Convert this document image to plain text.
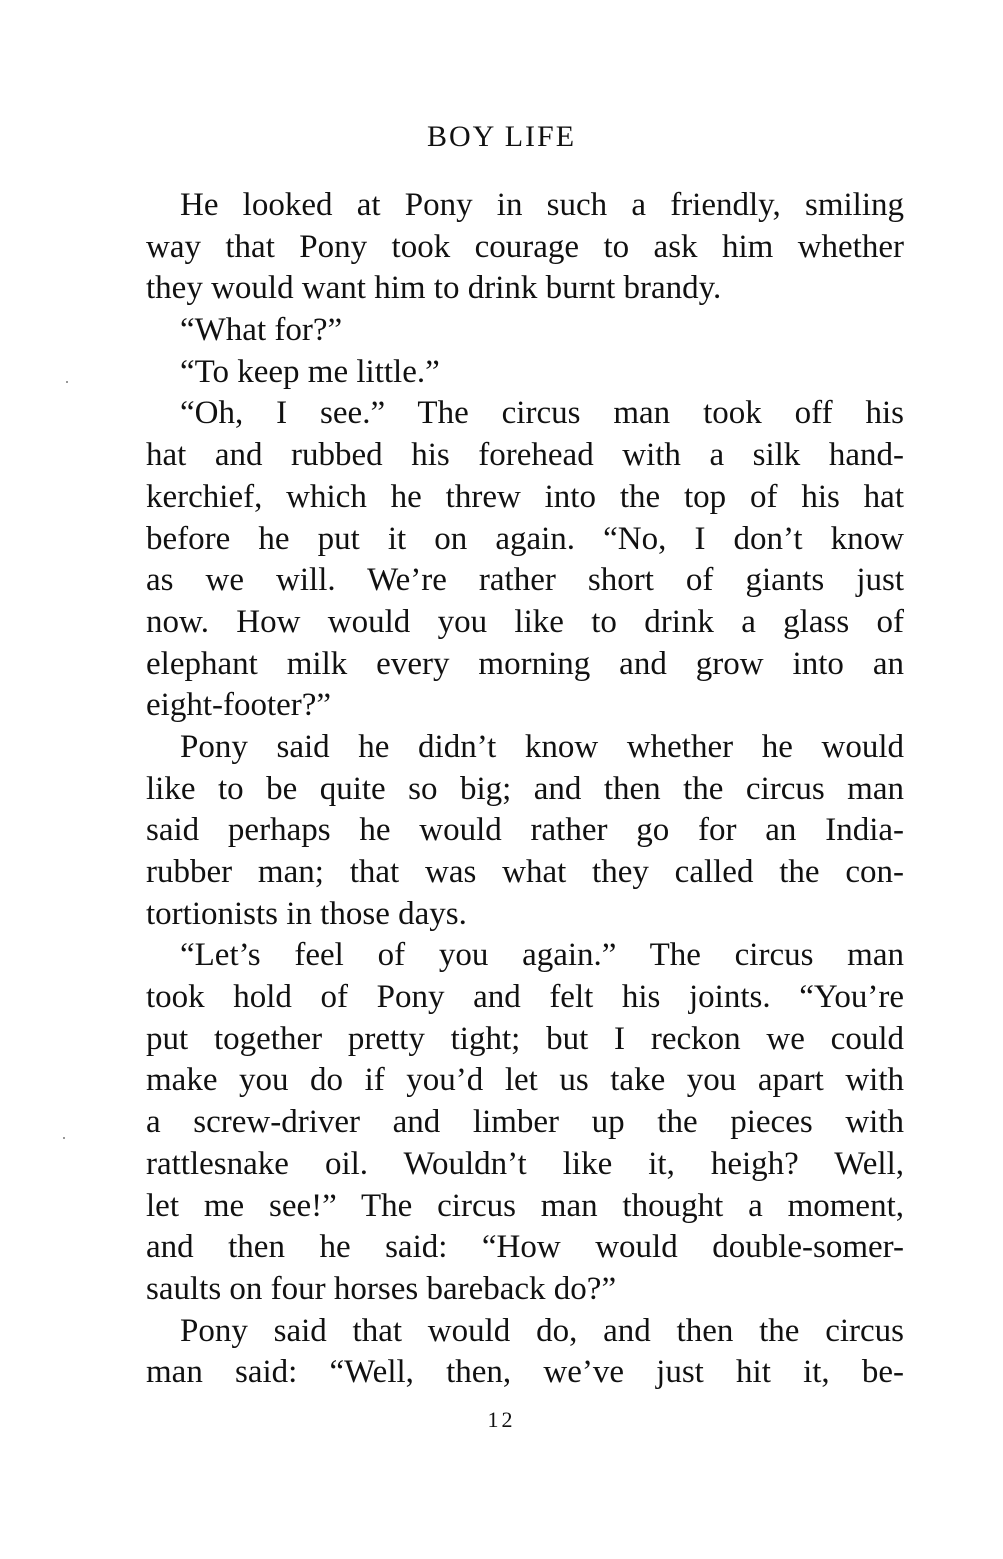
BOY LIFE
He looked at Pony in such a friendly, smiling
way that Pony took courage to ask him whether
they would want him to drink burnt brandy.
“What for?”
“To keep me little.”
“Oh, I see.” The circus man took off his
hat and rubbed his forehead with a silk hand-
kerchief, which he threw into the top of his hat
before he put it on again. “No, I don’t know
as we will. We’re rather short of giants just
now. How would you like to drink a glass of
elephant milk every morning and grow into an
eight-footer?”
Pony said he didn’t know whether he would
like to be quite so big; and then the circus man
said perhaps he would rather go for an India-
rubber man; that was what they called the con-
tortionists in those days.
“Let’s feel of you again.” The circus man
took hold of Pony and felt his joints. “You’re
put together pretty tight; but I reckon we could
make you do if you’d let us take you apart with
a screw-driver and limber up the pieces with
rattlesnake oil. Wouldn’t like it, heigh? Well,
let me see!” The circus man thought a moment,
and then he said: “How would double-somer-
saults on four horses bareback do?”
Pony said that would do, and then the circus
man said: “Well, then, we’ve just hit it, be-
12
